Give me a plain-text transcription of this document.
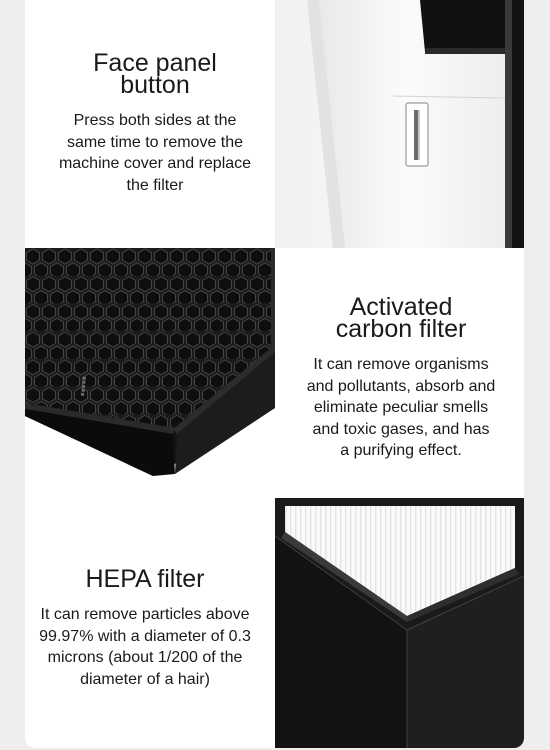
Face panel
button

Press both sides at the
same time to remove the
machine cover and replace
the filter

▪▪▪▪▪
Activated
carbon filter

It can remove organisms
and pollutants, absorb and
eliminate peculiar smells
and toxic gases, and has
a purifying effect.

HEPA filter

It can remove particles above
99.97% with a diameter of 0.3
microns (about 1/200 of the
diameter of a hair)
